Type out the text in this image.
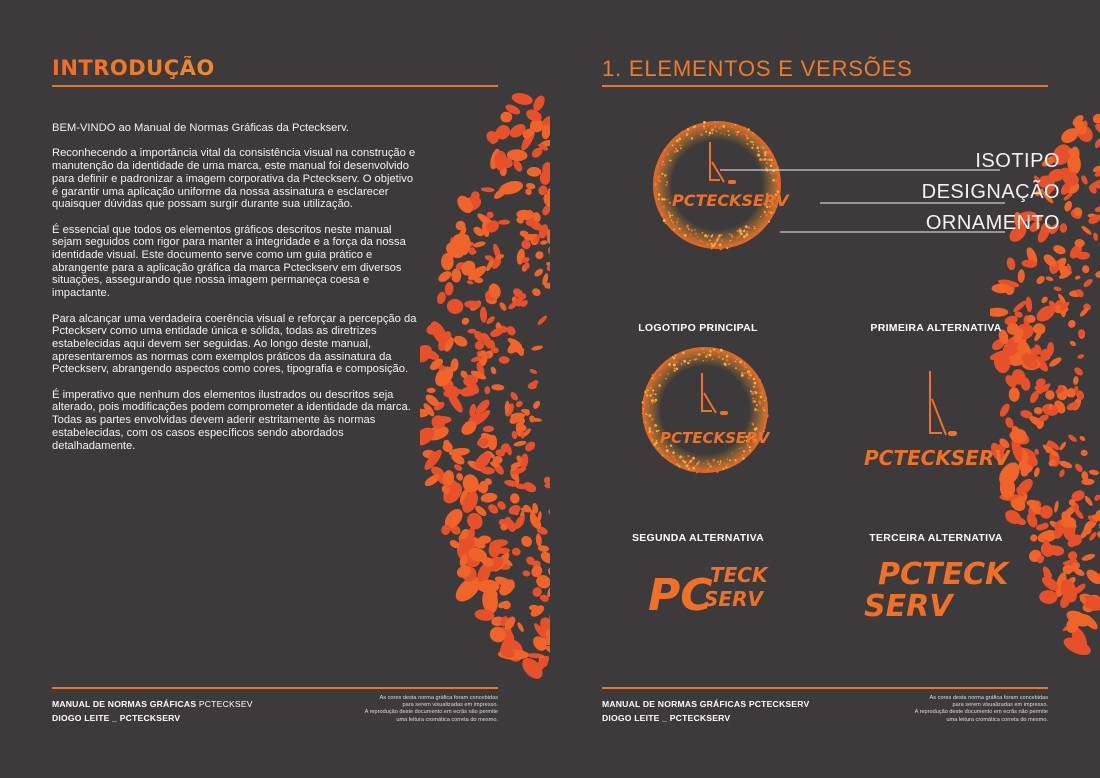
INTRODUÇÃO

BEM-VINDO ao Manual de Normas Gráficas da Pcteckserv.

Reconhecendo a importância vital da consistência visual na construção e manutenção da identidade de uma marca, este manual foi desenvolvido para definir e padronizar a imagem corporativa da Pcteckserv. O objetivo é garantir uma aplicação uniforme da nossa assinatura e esclarecer quaisquer dúvidas que possam surgir durante sua utilização.

É essencial que todos os elementos gráficos descritos neste manual sejam seguidos com rigor para manter a integridade e a força da nossa identidade visual. Este documento serve como um guia prático e abrangente para a aplicação gráfica da marca Pcteckserv em diversos situações, assegurando que nossa imagem permaneça coesa e impactante.

Para alcançar uma verdadeira coerência visual e reforçar a percepção da Pcteckserv como uma entidade única e sólida, todas as diretrizes estabelecidas aqui devem ser seguidas. Ao longo deste manual, apresentaremos as normas com exemplos práticos da assinatura da Pcteckserv, abrangendo aspectos como cores, tipografia e composição.

É imperativo que nenhum dos elementos ilustrados ou descritos seja alterado, pois modificações podem comprometer a identidade da marca. Todas as partes envolvidas devem aderir estritamente às normas estabelecidas, com os casos específicos sendo abordados detalhadamente.

MANUAL DE NORMAS GRÁFICAS PCTECKSEV
DIOGO LEITE _ PCTECKSERV
As cores desta norma gráfica foram concebidas
para serem visualizadas em impresso.
A reprodução deste documento em ecrãs não permite
uma leitura cromática correta do mesmo.
1. ELEMENTOS E VERSÕES
PCTECKSERV
ISOTIPO
DESIGNAÇÃO
ORNAMENTO
LOGOTIPO PRINCIPAL	PRIMEIRA ALTERNATIVA
SEGUNDA ALTERNATIVA	TERCEIRA ALTERNATIVA
PCTECKSERV
PCTECKSERV
PC
TECK
SERV
PCTECK
SERV
MANUAL DE NORMAS GRÁFICAS PCTECKSERV
DIOGO LEITE _ PCTECKSERV
As cores desta norma gráfica foram concebidas
para serem visualizadas em impresso.
A reprodução deste documento em ecrãs não permite
uma leitura cromática correta do mesmo.
